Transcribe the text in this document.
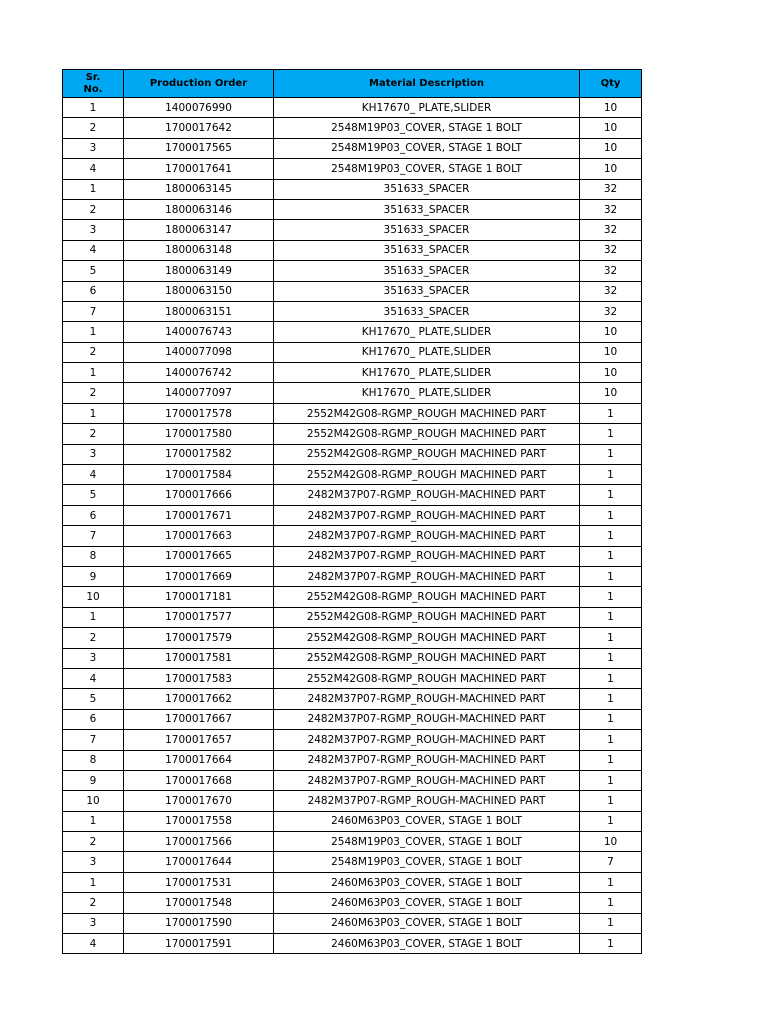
Sr.
No.	Production Order	Material Description	Qty
1	1400076990	KH17670_ PLATE,SLIDER	10
2	1700017642	2548M19P03_COVER, STAGE 1 BOLT	10
3	1700017565	2548M19P03_COVER, STAGE 1 BOLT	10
4	1700017641	2548M19P03_COVER, STAGE 1 BOLT	10
1	1800063145	351633_SPACER	32
2	1800063146	351633_SPACER	32
3	1800063147	351633_SPACER	32
4	1800063148	351633_SPACER	32
5	1800063149	351633_SPACER	32
6	1800063150	351633_SPACER	32
7	1800063151	351633_SPACER	32
1	1400076743	KH17670_ PLATE,SLIDER	10
2	1400077098	KH17670_ PLATE,SLIDER	10
1	1400076742	KH17670_ PLATE,SLIDER	10
2	1400077097	KH17670_ PLATE,SLIDER	10
1	1700017578	2552M42G08-RGMP_ROUGH MACHINED PART	1
2	1700017580	2552M42G08-RGMP_ROUGH MACHINED PART	1
3	1700017582	2552M42G08-RGMP_ROUGH MACHINED PART	1
4	1700017584	2552M42G08-RGMP_ROUGH MACHINED PART	1
5	1700017666	2482M37P07-RGMP_ROUGH-MACHINED PART	1
6	1700017671	2482M37P07-RGMP_ROUGH-MACHINED PART	1
7	1700017663	2482M37P07-RGMP_ROUGH-MACHINED PART	1
8	1700017665	2482M37P07-RGMP_ROUGH-MACHINED PART	1
9	1700017669	2482M37P07-RGMP_ROUGH-MACHINED PART	1
10	1700017181	2552M42G08-RGMP_ROUGH MACHINED PART	1
1	1700017577	2552M42G08-RGMP_ROUGH MACHINED PART	1
2	1700017579	2552M42G08-RGMP_ROUGH MACHINED PART	1
3	1700017581	2552M42G08-RGMP_ROUGH MACHINED PART	1
4	1700017583	2552M42G08-RGMP_ROUGH MACHINED PART	1
5	1700017662	2482M37P07-RGMP_ROUGH-MACHINED PART	1
6	1700017667	2482M37P07-RGMP_ROUGH-MACHINED PART	1
7	1700017657	2482M37P07-RGMP_ROUGH-MACHINED PART	1
8	1700017664	2482M37P07-RGMP_ROUGH-MACHINED PART	1
9	1700017668	2482M37P07-RGMP_ROUGH-MACHINED PART	1
10	1700017670	2482M37P07-RGMP_ROUGH-MACHINED PART	1
1	1700017558	2460M63P03_COVER, STAGE 1 BOLT	1
2	1700017566	2548M19P03_COVER, STAGE 1 BOLT	10
3	1700017644	2548M19P03_COVER, STAGE 1 BOLT	7
1	1700017531	2460M63P03_COVER, STAGE 1 BOLT	1
2	1700017548	2460M63P03_COVER, STAGE 1 BOLT	1
3	1700017590	2460M63P03_COVER, STAGE 1 BOLT	1
4	1700017591	2460M63P03_COVER, STAGE 1 BOLT	1
